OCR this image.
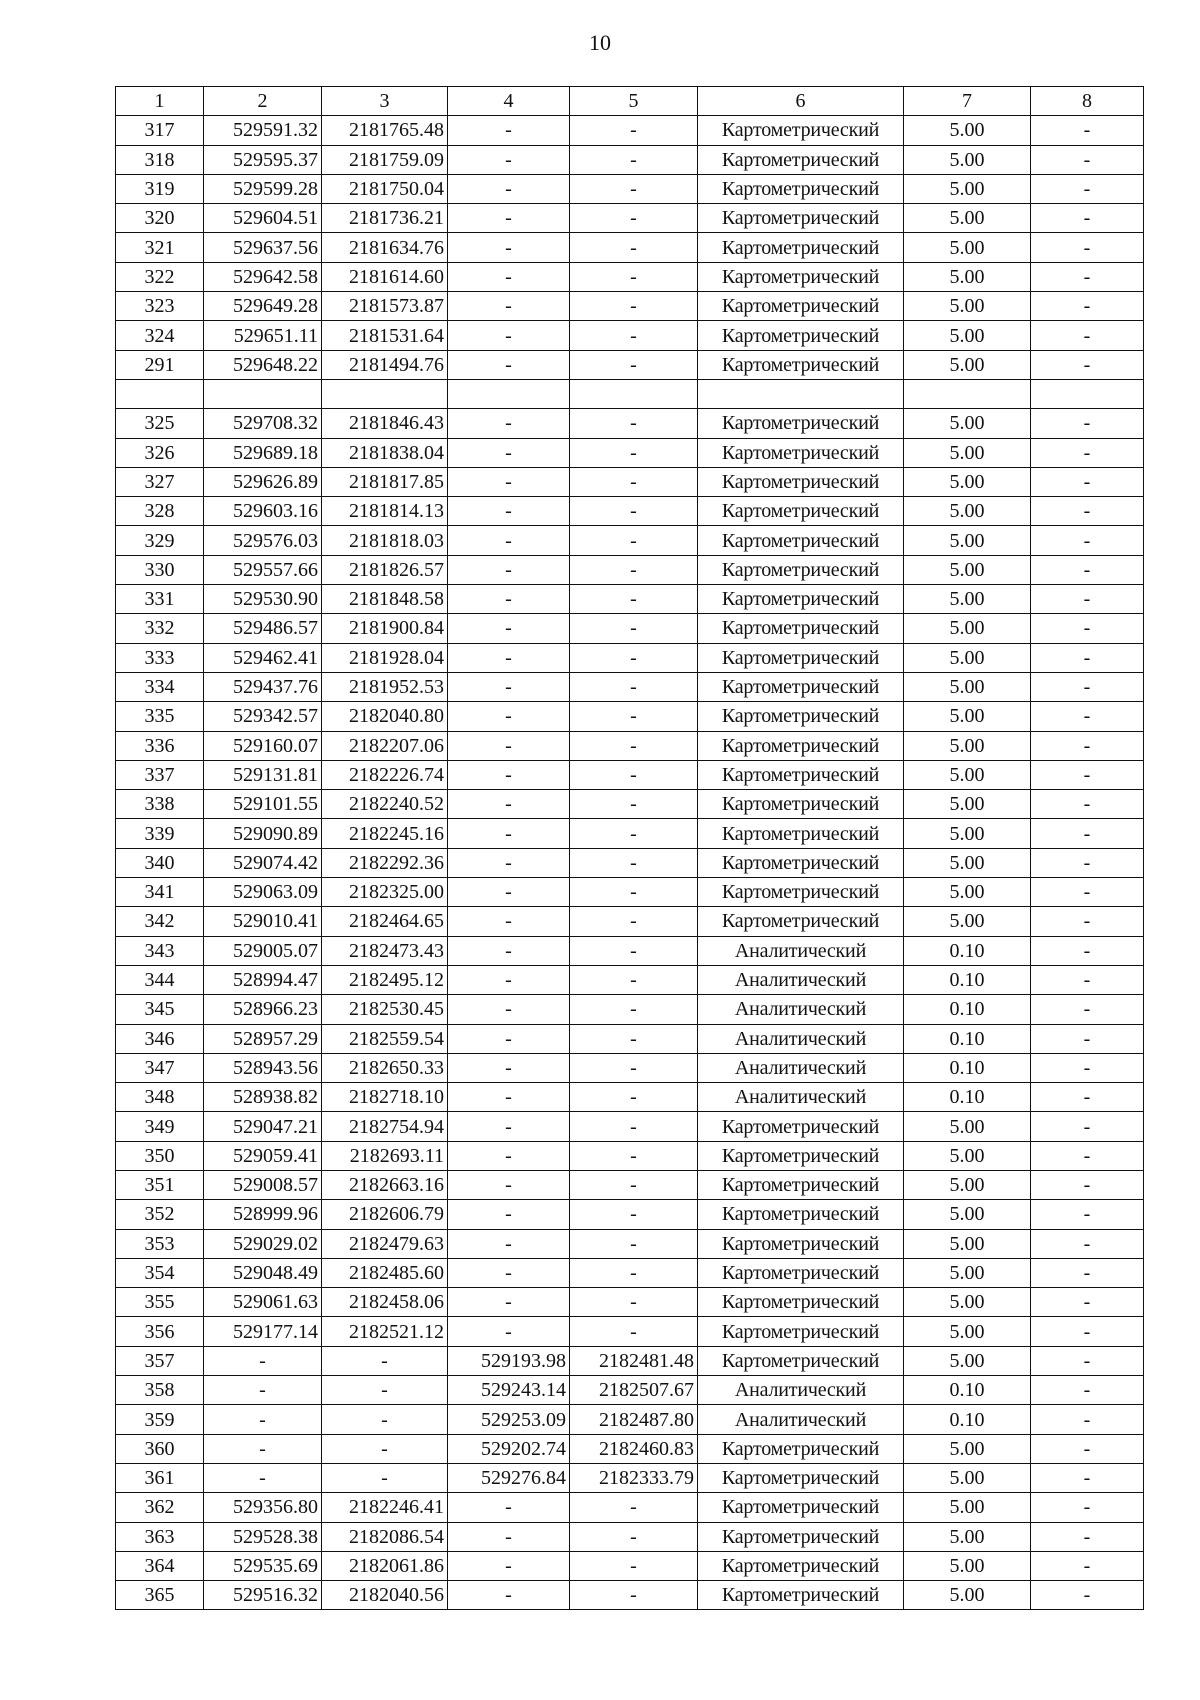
10
1	2	3	4	5	6	7	8
317	529591.32	2181765.48	-	-	Картометрический	5.00	-
318	529595.37	2181759.09	-	-	Картометрический	5.00	-
319	529599.28	2181750.04	-	-	Картометрический	5.00	-
320	529604.51	2181736.21	-	-	Картометрический	5.00	-
321	529637.56	2181634.76	-	-	Картометрический	5.00	-
322	529642.58	2181614.60	-	-	Картометрический	5.00	-
323	529649.28	2181573.87	-	-	Картометрический	5.00	-
324	529651.11	2181531.64	-	-	Картометрический	5.00	-
291	529648.22	2181494.76	-	-	Картометрический	5.00	-

325	529708.32	2181846.43	-	-	Картометрический	5.00	-
326	529689.18	2181838.04	-	-	Картометрический	5.00	-
327	529626.89	2181817.85	-	-	Картометрический	5.00	-
328	529603.16	2181814.13	-	-	Картометрический	5.00	-
329	529576.03	2181818.03	-	-	Картометрический	5.00	-
330	529557.66	2181826.57	-	-	Картометрический	5.00	-
331	529530.90	2181848.58	-	-	Картометрический	5.00	-
332	529486.57	2181900.84	-	-	Картометрический	5.00	-
333	529462.41	2181928.04	-	-	Картометрический	5.00	-
334	529437.76	2181952.53	-	-	Картометрический	5.00	-
335	529342.57	2182040.80	-	-	Картометрический	5.00	-
336	529160.07	2182207.06	-	-	Картометрический	5.00	-
337	529131.81	2182226.74	-	-	Картометрический	5.00	-
338	529101.55	2182240.52	-	-	Картометрический	5.00	-
339	529090.89	2182245.16	-	-	Картометрический	5.00	-
340	529074.42	2182292.36	-	-	Картометрический	5.00	-
341	529063.09	2182325.00	-	-	Картометрический	5.00	-
342	529010.41	2182464.65	-	-	Картометрический	5.00	-
343	529005.07	2182473.43	-	-	Аналитический	0.10	-
344	528994.47	2182495.12	-	-	Аналитический	0.10	-
345	528966.23	2182530.45	-	-	Аналитический	0.10	-
346	528957.29	2182559.54	-	-	Аналитический	0.10	-
347	528943.56	2182650.33	-	-	Аналитический	0.10	-
348	528938.82	2182718.10	-	-	Аналитический	0.10	-
349	529047.21	2182754.94	-	-	Картометрический	5.00	-
350	529059.41	2182693.11	-	-	Картометрический	5.00	-
351	529008.57	2182663.16	-	-	Картометрический	5.00	-
352	528999.96	2182606.79	-	-	Картометрический	5.00	-
353	529029.02	2182479.63	-	-	Картометрический	5.00	-
354	529048.49	2182485.60	-	-	Картометрический	5.00	-
355	529061.63	2182458.06	-	-	Картометрический	5.00	-
356	529177.14	2182521.12	-	-	Картометрический	5.00	-
357	-	-	529193.98	2182481.48	Картометрический	5.00	-
358	-	-	529243.14	2182507.67	Аналитический	0.10	-
359	-	-	529253.09	2182487.80	Аналитический	0.10	-
360	-	-	529202.74	2182460.83	Картометрический	5.00	-
361	-	-	529276.84	2182333.79	Картометрический	5.00	-
362	529356.80	2182246.41	-	-	Картометрический	5.00	-
363	529528.38	2182086.54	-	-	Картометрический	5.00	-
364	529535.69	2182061.86	-	-	Картометрический	5.00	-
365	529516.32	2182040.56	-	-	Картометрический	5.00	-
